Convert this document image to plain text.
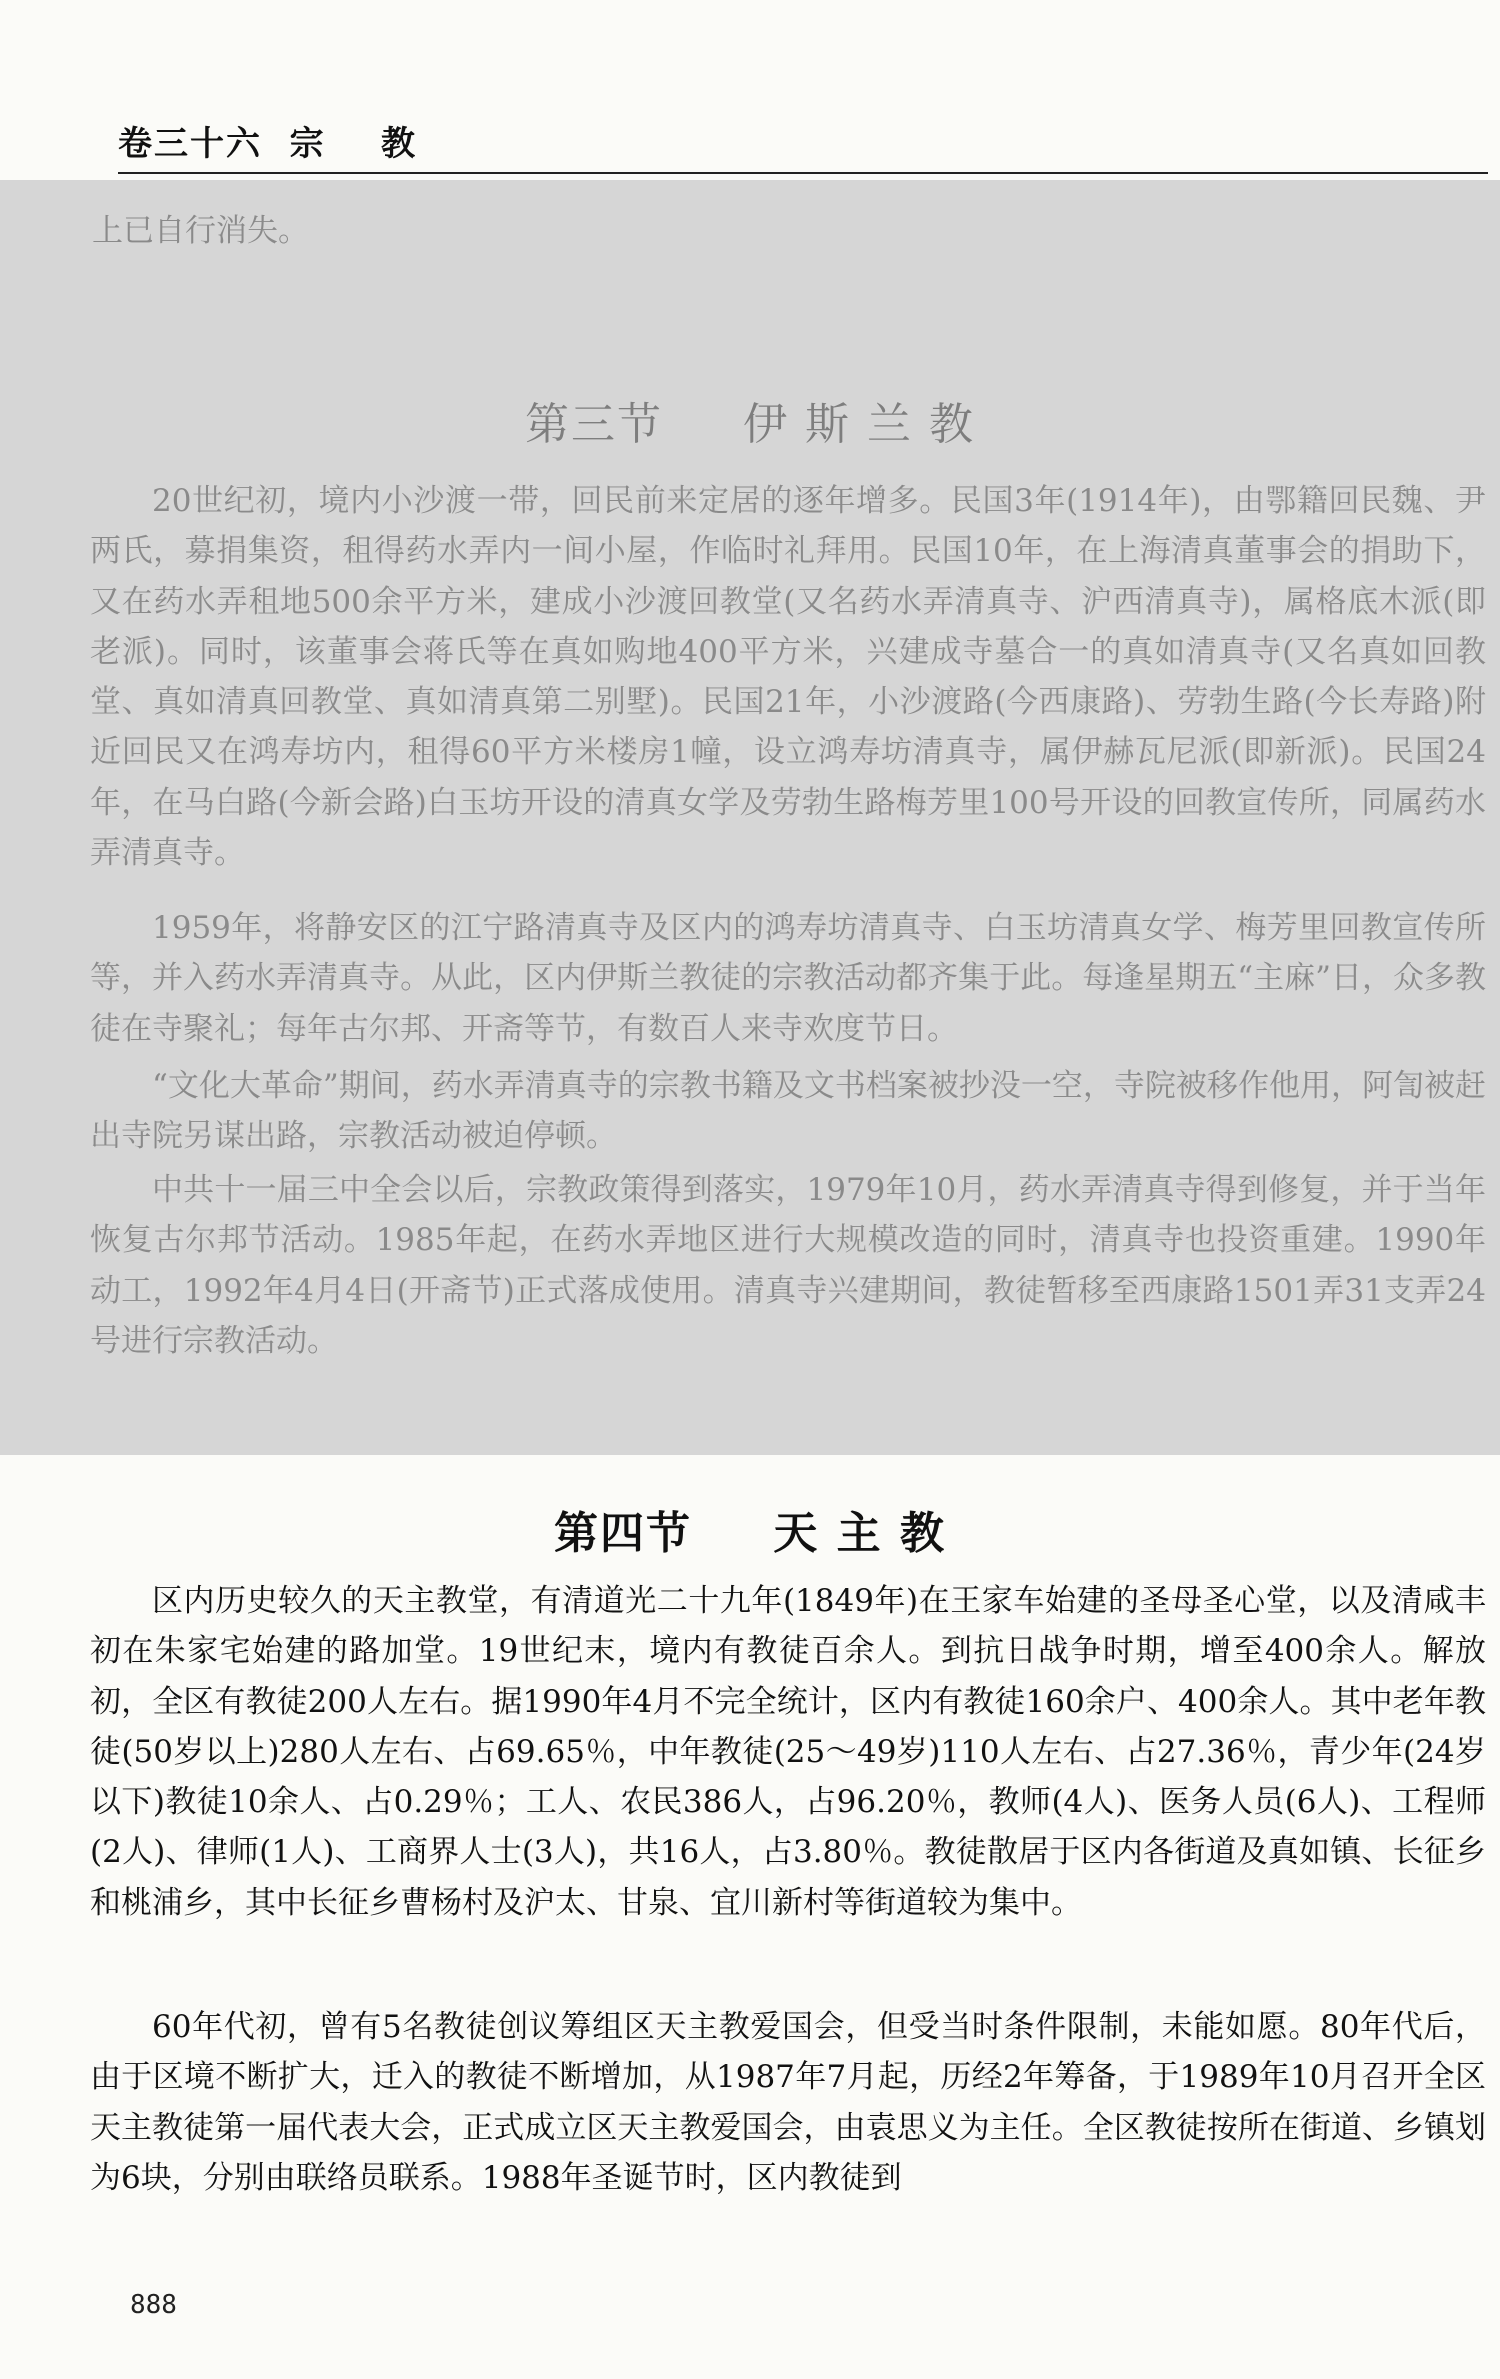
卷三十六  宗    教
上已自行消失。
第三节 伊 斯 兰 教
20世纪初，境内小沙渡一带，回民前来定居的逐年增多。民国3年(1914年)，由鄂籍回民魏、尹两氏，募捐集资，租得药水弄内一间小屋，作临时礼拜用。民国10年，在上海清真董事会的捐助下，又在药水弄租地500余平方米，建成小沙渡回教堂(又名药水弄清真寺、沪西清真寺)，属格底木派(即老派)。同时，该董事会蒋氏等在真如购地400平方米，兴建成寺墓合一的真如清真寺(又名真如回教堂、真如清真回教堂、真如清真第二别墅)。民国21年，小沙渡路(今西康路)、劳勃生路(今长寿路)附近回民又在鸿寿坊内，租得60平方米楼房1幢，设立鸿寿坊清真寺，属伊赫瓦尼派(即新派)。民国24年，在马白路(今新会路)白玉坊开设的清真女学及劳勃生路梅芳里100号开设的回教宣传所，同属药水弄清真寺。
1959年，将静安区的江宁路清真寺及区内的鸿寿坊清真寺、白玉坊清真女学、梅芳里回教宣传所等，并入药水弄清真寺。从此，区内伊斯兰教徒的宗教活动都齐集于此。每逢星期五“主麻”日，众多教徒在寺聚礼；每年古尔邦、开斋等节，有数百人来寺欢度节日。
“文化大革命”期间，药水弄清真寺的宗教书籍及文书档案被抄没一空，寺院被移作他用，阿訇被赶出寺院另谋出路，宗教活动被迫停顿。
中共十一届三中全会以后，宗教政策得到落实，1979年10月，药水弄清真寺得到修复，并于当年恢复古尔邦节活动。1985年起，在药水弄地区进行大规模改造的同时，清真寺也投资重建。1990年动工，1992年4月4日(开斋节)正式落成使用。清真寺兴建期间，教徒暂移至西康路1501弄31支弄24号进行宗教活动。
第四节 天 主 教
区内历史较久的天主教堂，有清道光二十九年(1849年)在王家车始建的圣母圣心堂，以及清咸丰初在朱家宅始建的路加堂。19世纪末，境内有教徒百余人。到抗日战争时期，增至400余人。解放初，全区有教徒200人左右。据1990年4月不完全统计，区内有教徒160余户、400余人。其中老年教徒(50岁以上)280人左右、占69.65％，中年教徒(25～49岁)110人左右、占27.36％，青少年(24岁以下)教徒10余人、占0.29％；工人、农民386人，占96.20％，教师(4人)、医务人员(6人)、工程师(2人)、律师(1人)、工商界人士(3人)，共16人，占3.80％。教徒散居于区内各街道及真如镇、长征乡和桃浦乡，其中长征乡曹杨村及沪太、甘泉、宜川新村等街道较为集中。
60年代初，曾有5名教徒创议筹组区天主教爱国会，但受当时条件限制，未能如愿。80年代后，由于区境不断扩大，迁入的教徒不断增加，从1987年7月起，历经2年筹备，于1989年10月召开全区天主教徒第一届代表大会，正式成立区天主教爱国会，由袁思义为主任。全区教徒按所在街道、乡镇划为6块，分别由联络员联系。1988年圣诞节时，区内教徒到
888
